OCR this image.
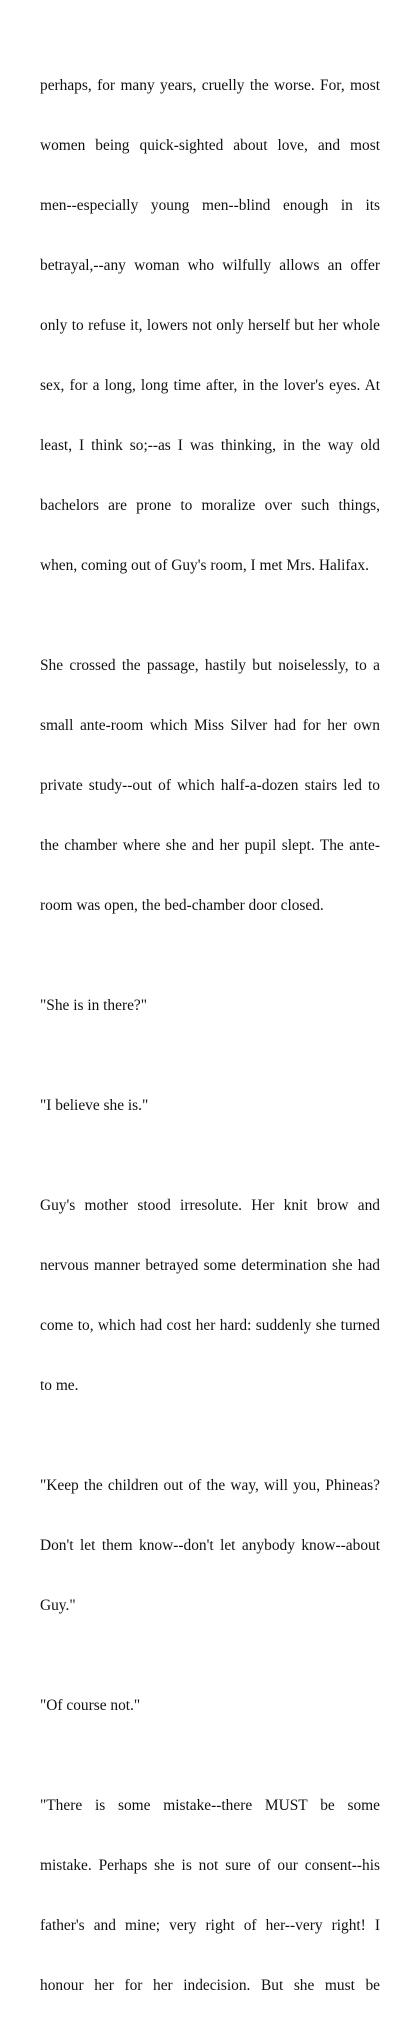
perhaps, for many years, cruelly the worse. For, most

women being quick-sighted about love, and most

men--especially young men--blind enough in its

betrayal,--any woman who wilfully allows an offer

only to refuse it, lowers not only herself but her whole

sex, for a long, long time after, in the lover's eyes. At

least, I think so;--as I was thinking, in the way old

bachelors are prone to moralize over such things,

when, coming out of Guy's room, I met Mrs. Halifax.

She crossed the passage, hastily but noiselessly, to a

small ante-room which Miss Silver had for her own

private study--out of which half-a-dozen stairs led to

the chamber where she and her pupil slept. The ante-

room was open, the bed-chamber door closed.

"She is in there?"

"I believe she is."

Guy's mother stood irresolute. Her knit brow and

nervous manner betrayed some determination she had

come to, which had cost her hard: suddenly she turned

to me.

"Keep the children out of the way, will you, Phineas?

Don't let them know--don't let anybody know--about

Guy."

"Of course not."

"There is some mistake--there MUST be some

mistake. Perhaps she is not sure of our consent--his

father's and mine; very right of her--very right! I

honour her for her indecision. But she must be
